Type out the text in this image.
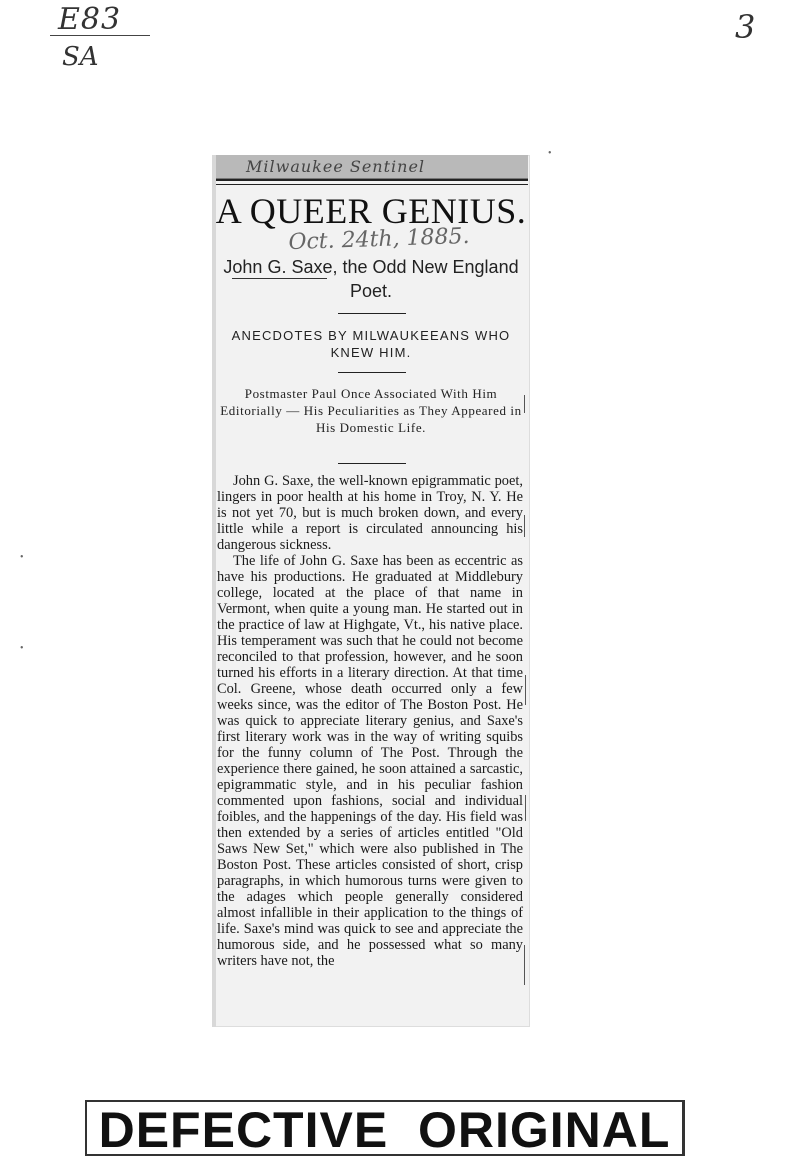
E83
SA
3
•
•
•
Milwaukee Sentinel
A QUEER GENIUS.
Oct. 24th, 1885.
John G. Saxe, the Odd New England Poet.
ANECDOTES BY MILWAUKEEANS WHO KNEW HIM.
Postmaster Paul Once Associated With Him Editorially — His Peculiarities as They Appeared in His Domestic Life.

John G. Saxe, the well-known epigrammatic poet, lingers in poor health at his home in Troy, N. Y. He is not yet 70, but is much broken down, and every little while a report is circulated announcing his dangerous sickness.

The life of John G. Saxe has been as eccentric as have his productions. He graduated at Middlebury college, located at the place of that name in Vermont, when quite a young man. He started out in the practice of law at Highgate, Vt., his native place. His temperament was such that he could not become reconciled to that profession, however, and he soon turned his efforts in a literary direction. At that time Col. Greene, whose death occurred only a few weeks since, was the editor of The Boston Post. He was quick to appreciate literary genius, and Saxe's first literary work was in the way of writing squibs for the funny column of The Post. Through the experience there gained, he soon attained a sarcastic, epigrammatic style, and in his peculiar fashion commented upon fashions, social and individual foibles, and the happenings of the day. His field was then extended by a series of articles entitled "Old Saws New Set," which were also published in The Boston Post. These articles consisted of short, crisp paragraphs, in which humorous turns were given to the adages which people generally considered almost infallible in their application to the things of life. Saxe's mind was quick to see and appreciate the humorous side, and he possessed what so many writers have not, the

DEFECTIVE  ORIGINAL
